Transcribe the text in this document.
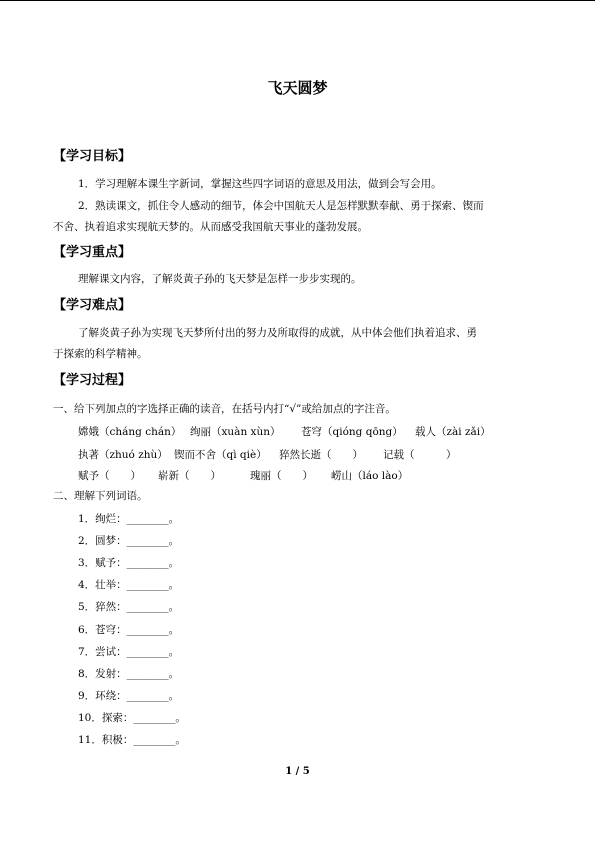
飞天圆梦
【学习目标】
1．学习理解本课生字新词，掌握这些四字词语的意思及用法，做到会写会用。
2．熟读课文，抓住令人感动的细节，体会中国航天人是怎样默默奉献、勇于探索、锲而
不舍、执着追求实现航天梦的。从而感受我国航天事业的蓬勃发展。
【学习重点】
理解课文内容，了解炎黄子孙的飞天梦是怎样一步步实现的。
【学习难点】
了解炎黄子孙为实现飞天梦所付出的努力及所取得的成就，从中体会他们执着追求、勇
于探索的科学精神。
【学习过程】
一、给下列加点的字选择正确的读音，在括号内打“√”或给加点的字注音。
嫦娥（cháng chán） 绚丽（xuàn xùn） 苍穹（qióng qōng） 载人（zài zǎi）
执著（zhuó zhù） 锲而不舍（qì qiè） 猝然长逝（　　） 记载（　　　）
赋予（　　） 崭新（　　）	瑰丽（　　） 崂山（láo lào）
二、理解下列词语。
1．绚烂：________。
2．圆梦：________。
3．赋予：________。
4．壮举：________。
5．猝然：________。
6．苍穹：________。
7．尝试：________。
8．发射：________。
9．环绕：________。
10．探索：________。
11．积极：________。
1 / 5
